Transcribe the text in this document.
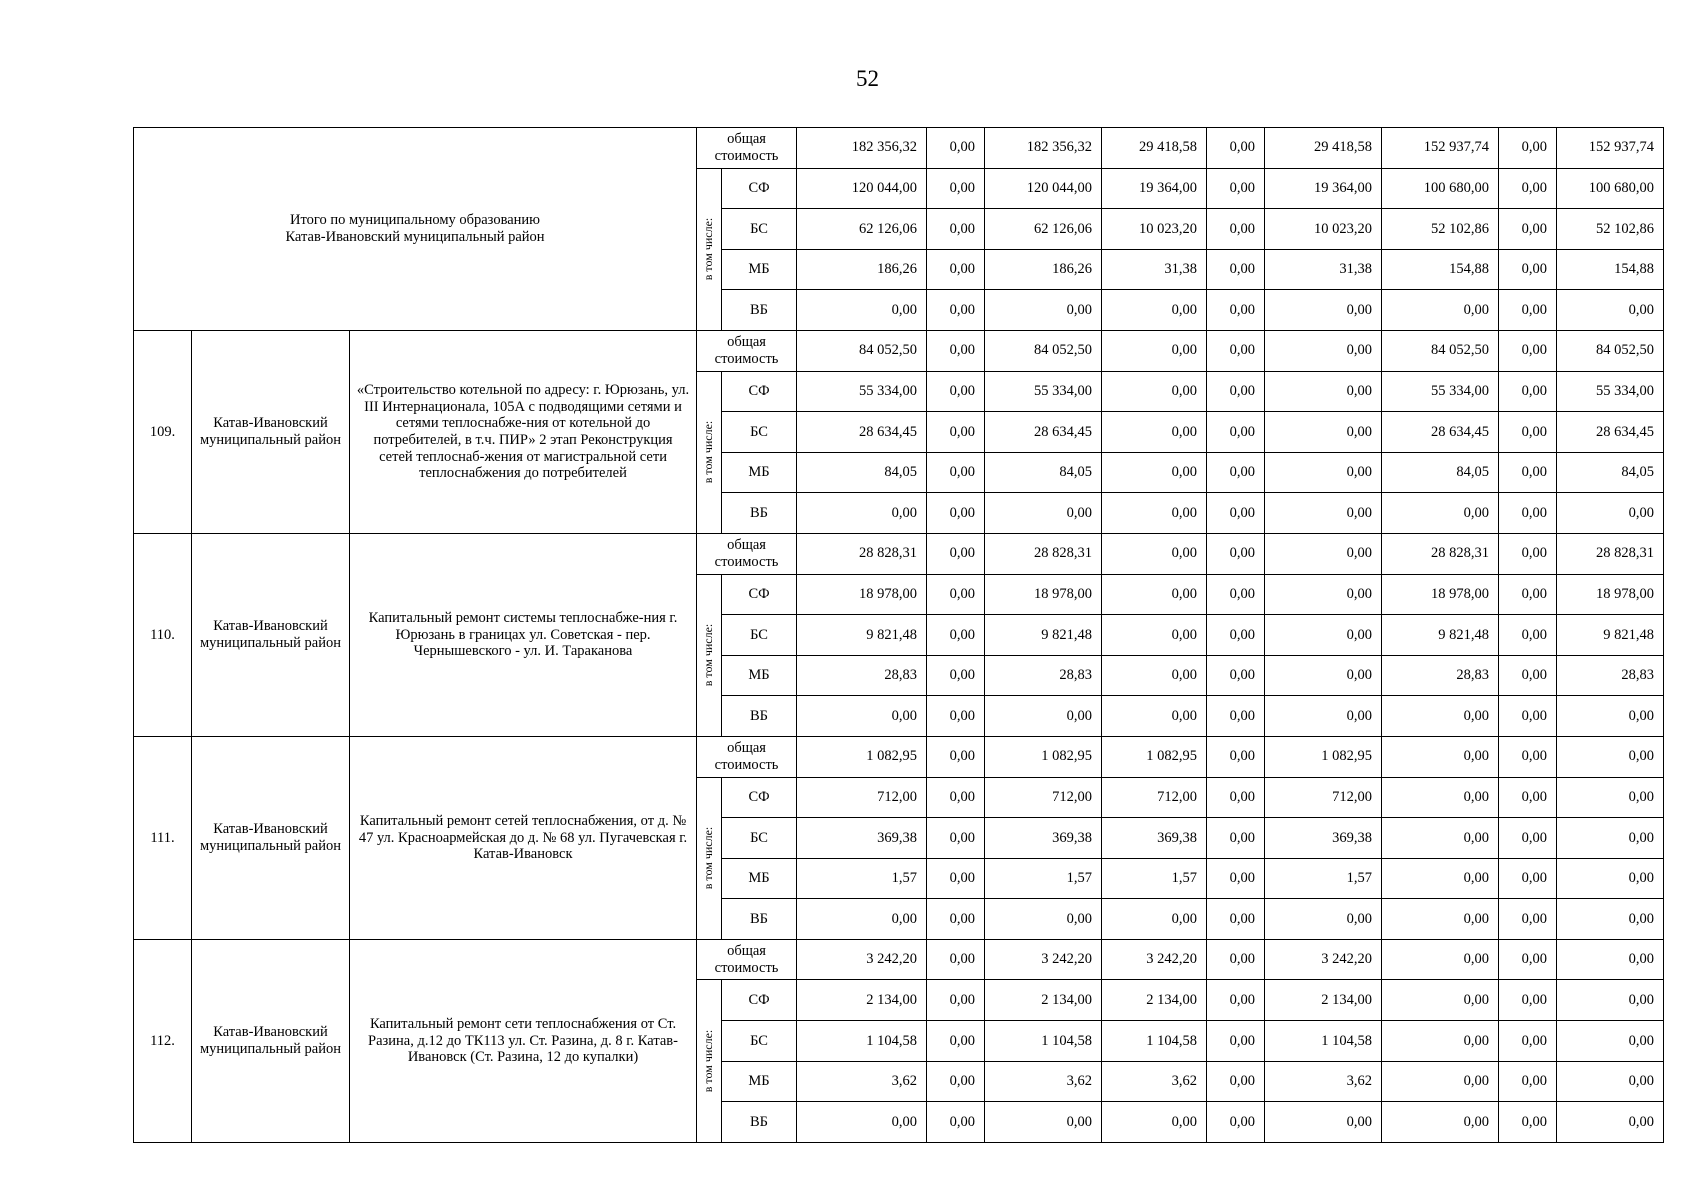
52
Итого по муниципальному образованию
Катав-Ивановский муниципальный район			общая стоимость		182 356,32	0,00	182 356,32	29 418,58	0,00	29 418,58	152 937,74	0,00	152 937,74

			в том числе:	СФ	120 044,00	0,00	120 044,00	19 364,00	0,00	19 364,00	100 680,00	0,00	100 680,00
				БС	62 126,06	0,00	62 126,06	10 023,20	0,00	10 023,20	52 102,86	0,00	52 102,86
				МБ	186,26	0,00	186,26	31,38	0,00	31,38	154,88	0,00	154,88
				ВБ	0,00	0,00	0,00	0,00	0,00	0,00	0,00	0,00	0,00
109.	Катав-Ивановский муниципальный район	«Строительство котельной по адресу: г. Юрюзань, ул. III Интернационала, 105А с подводящими сетями и сетями теплоснабже-ния от котельной до потребителей, в т.ч. ПИР» 2 этап Реконструкция сетей теплоснаб-жения от магистральной сети теплоснабжения до потребителей	общая стоимость		84 052,50	0,00	84 052,50	0,00	0,00	0,00	84 052,50	0,00	84 052,50

			в том числе:	СФ	55 334,00	0,00	55 334,00	0,00	0,00	0,00	55 334,00	0,00	55 334,00
				БС	28 634,45	0,00	28 634,45	0,00	0,00	0,00	28 634,45	0,00	28 634,45
				МБ	84,05	0,00	84,05	0,00	0,00	0,00	84,05	0,00	84,05
				ВБ	0,00	0,00	0,00	0,00	0,00	0,00	0,00	0,00	0,00
110.	Катав-Ивановский муниципальный район	Капитальный ремонт системы теплоснабже-ния г. Юрюзань в границах ул. Советская - пер. Чернышевского - ул. И. Тараканова	общая стоимость		28 828,31	0,00	28 828,31	0,00	0,00	0,00	28 828,31	0,00	28 828,31

			в том числе:	СФ	18 978,00	0,00	18 978,00	0,00	0,00	0,00	18 978,00	0,00	18 978,00
				БС	9 821,48	0,00	9 821,48	0,00	0,00	0,00	9 821,48	0,00	9 821,48
				МБ	28,83	0,00	28,83	0,00	0,00	0,00	28,83	0,00	28,83
				ВБ	0,00	0,00	0,00	0,00	0,00	0,00	0,00	0,00	0,00
111.	Катав-Ивановский муниципальный район	Капитальный ремонт сетей теплоснабжения, от д. № 47 ул. Красноармейская до д. № 68 ул. Пугачевская г. Катав-Ивановск	общая стоимость		1 082,95	0,00	1 082,95	1 082,95	0,00	1 082,95	0,00	0,00	0,00

			в том числе:	СФ	712,00	0,00	712,00	712,00	0,00	712,00	0,00	0,00	0,00
				БС	369,38	0,00	369,38	369,38	0,00	369,38	0,00	0,00	0,00
				МБ	1,57	0,00	1,57	1,57	0,00	1,57	0,00	0,00	0,00
				ВБ	0,00	0,00	0,00	0,00	0,00	0,00	0,00	0,00	0,00
112.	Катав-Ивановский муниципальный район	Капитальный ремонт сети теплоснабжения от Ст. Разина, д.12 до ТК113 ул. Ст. Разина, д. 8 г. Катав-Ивановск (Ст. Разина, 12 до купалки)	общая стоимость		3 242,20	0,00	3 242,20	3 242,20	0,00	3 242,20	0,00	0,00	0,00

			в том числе:	СФ	2 134,00	0,00	2 134,00	2 134,00	0,00	2 134,00	0,00	0,00	0,00
				БС	1 104,58	0,00	1 104,58	1 104,58	0,00	1 104,58	0,00	0,00	0,00
				МБ	3,62	0,00	3,62	3,62	0,00	3,62	0,00	0,00	0,00
				ВБ	0,00	0,00	0,00	0,00	0,00	0,00	0,00	0,00	0,00
